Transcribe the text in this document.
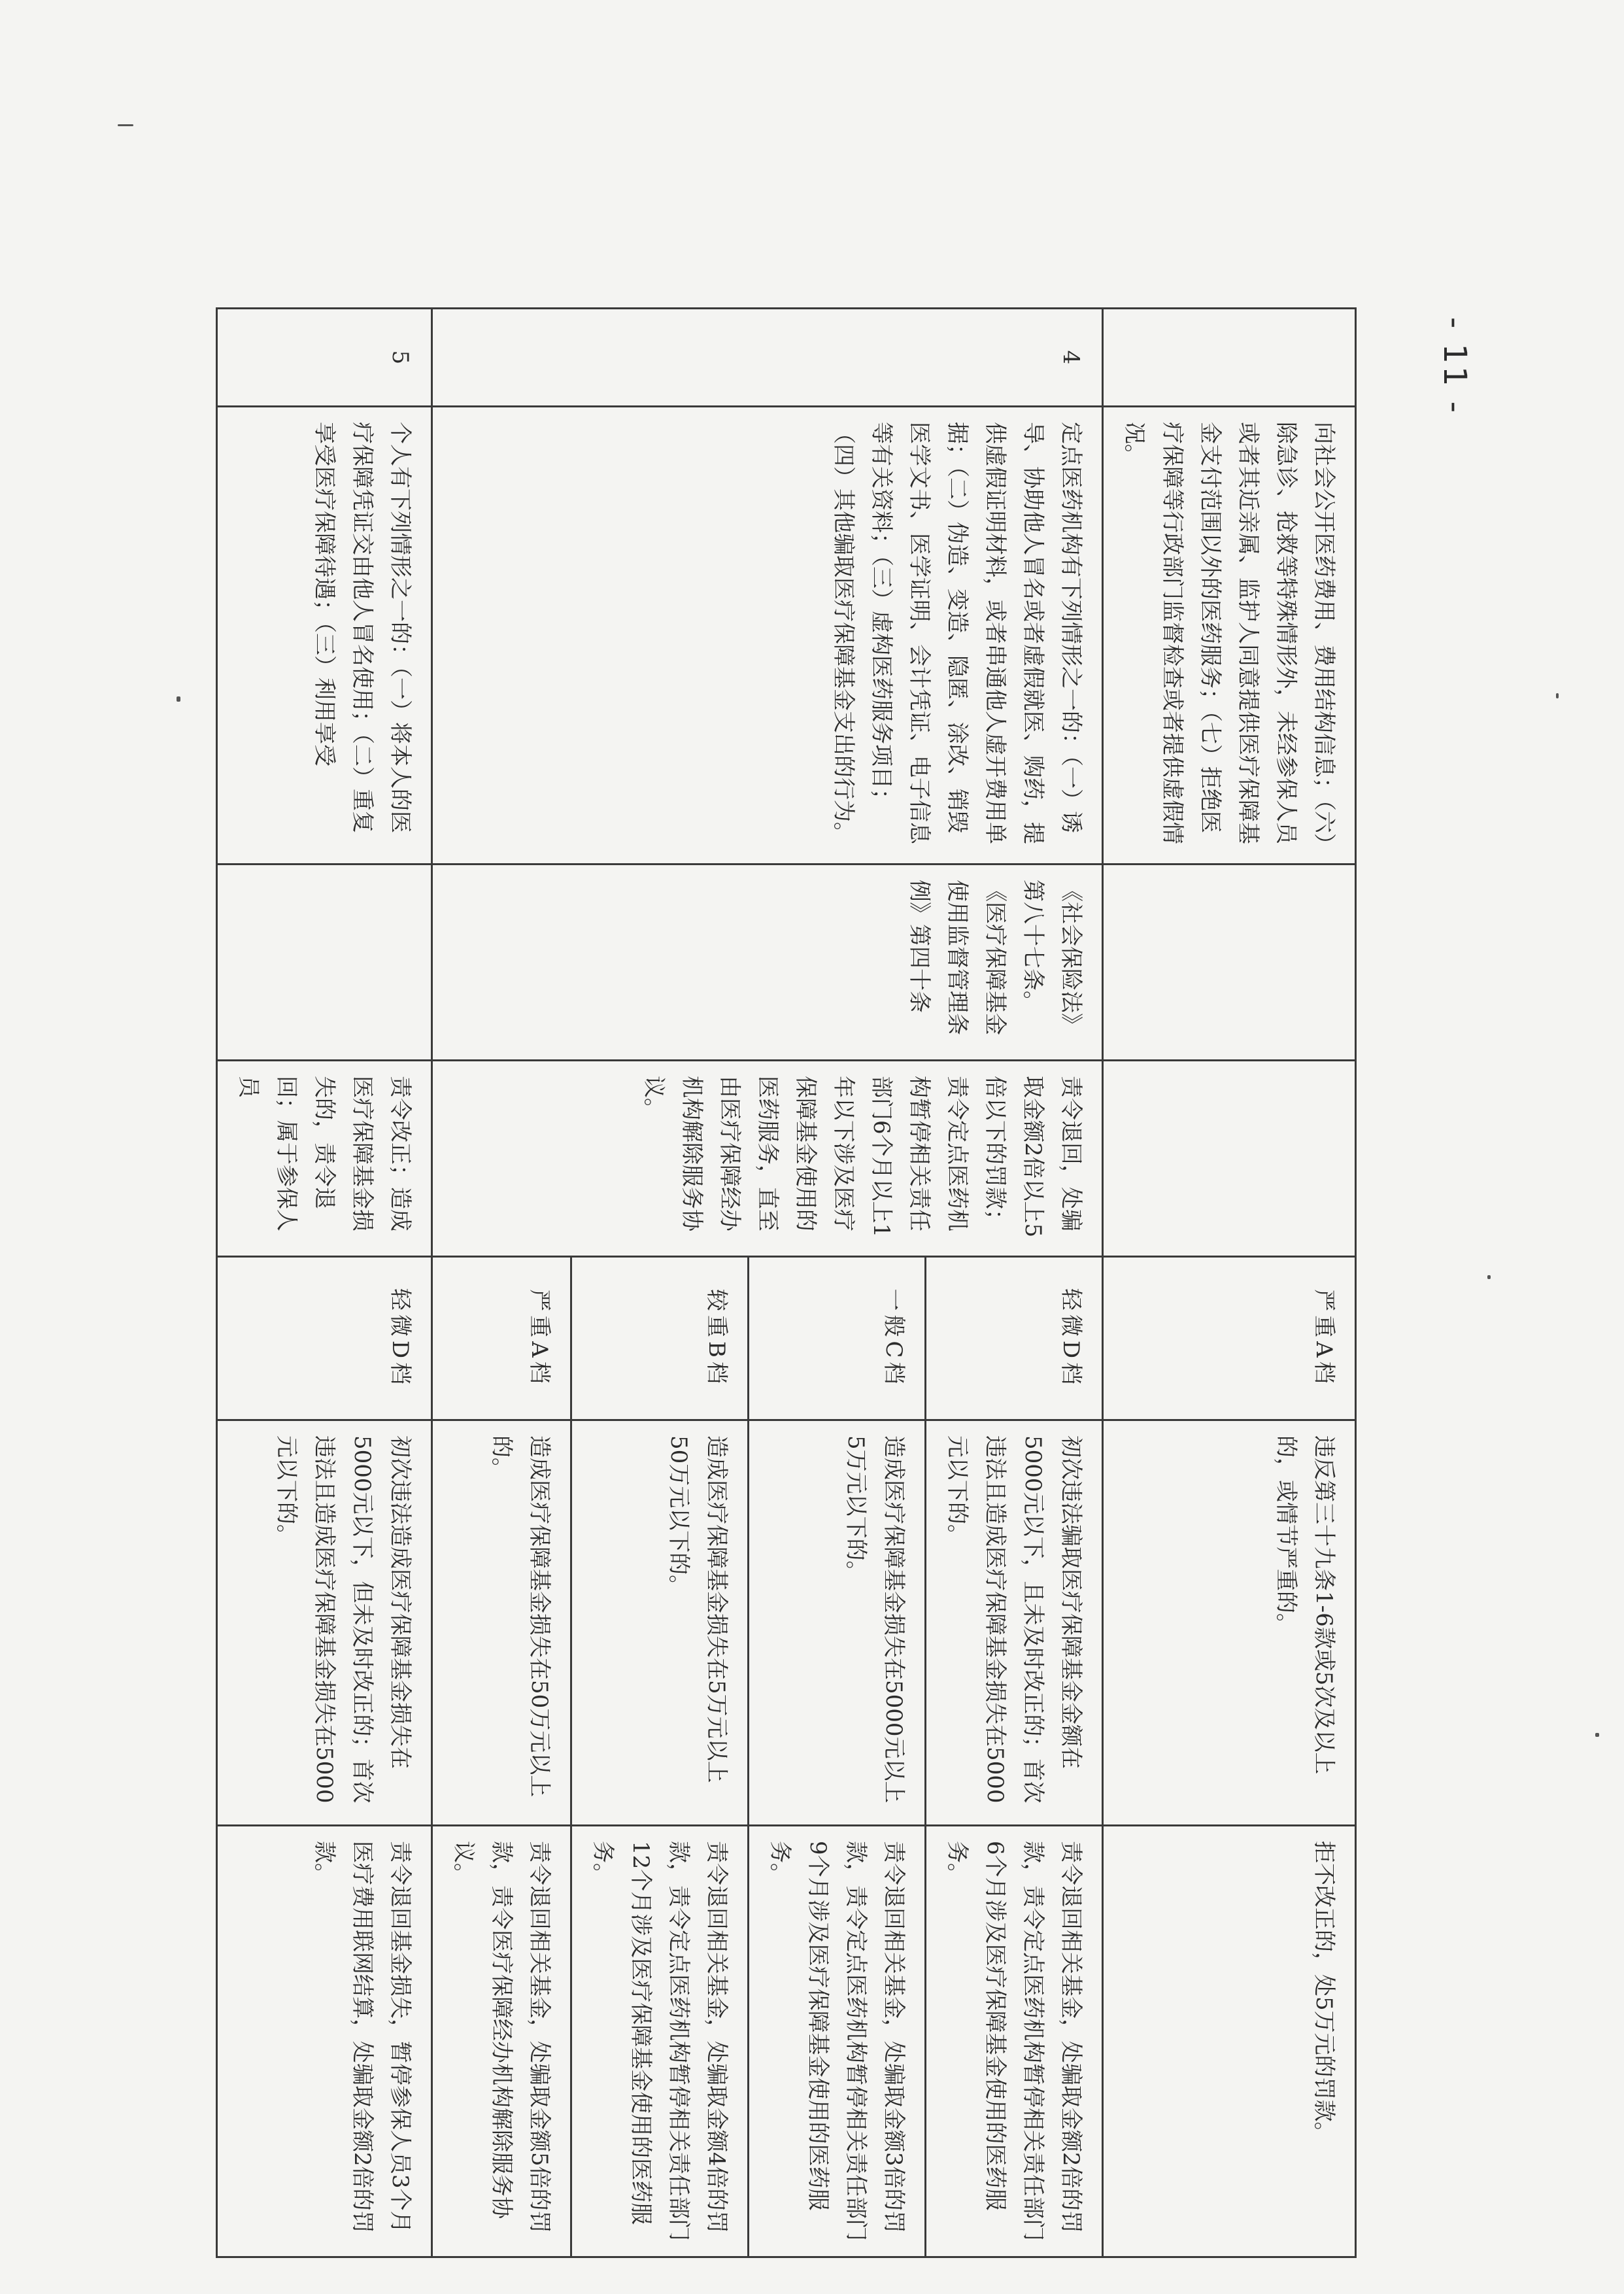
- 11 -
	向社会公开医药费用、费用结构信息；（六）除急诊、抢救等特殊情形外，未经参保人员或者其近亲属、监护人同意提供医疗保障基金支付范围以外的医药服务；（七）拒绝医疗保障等行政部门监督检查或者提供虚假情况。			严重A档	违反第三十九条1-6款或5次及以上的，或情节严重的。	拒不改正的，处5万元的罚款。
4	定点医药机构有下列情形之一的：（一）诱导、协助他人冒名或者虚假就医、购药，提供虚假证明材料，或者串通他人虚开费用单据；（二）伪造、变造、隐匿、涂改、销毁医学文书、医学证明、会计凭证、电子信息等有关资料；（三）虚构医药服务项目；（四）其他骗取医疗保障基金支出的行为。	《社会保险法》第八十七条。《医疗保障基金使用监督管理条例》第四十条	责令退回，处骗取金额2倍以上5倍以下的罚款；责令定点医药机构暂停相关责任部门6个月以上1年以下涉及医疗保障基金使用的医药服务，直至由医疗保障经办机构解除服务协议。	轻微D档	初次违法骗取医疗保障基金金额在5000元以下，且未及时改正的；首次违法且造成医疗保障基金损失在5000元以下的。	责令退回相关基金，处骗取金额2倍的罚款，责令定点医药机构暂停相关责任部门6个月涉及医疗保障基金使用的医药服务。
				一般C档	造成医疗保障基金损失在5000元以上5万元以下的。	责令退回相关基金，处骗取金额3倍的罚款，责令定点医药机构暂停相关责任部门9个月涉及医疗保障基金使用的医药服务。
				较重B档	造成医疗保障基金损失在5万元以上50万元以下的。	责令退回相关基金，处骗取金额4倍的罚款，责令定点医药机构暂停相关责任部门12个月涉及医疗保障基金使用的医药服务。
				严重A档	造成医疗保障基金损失在50万元以上的。	责令退回相关基金，处骗取金额5倍的罚款，责令医疗保障经办机构解除服务协议。
5	个人有下列情形之一的：（一）将本人的医疗保障凭证交由他人冒名使用；（二）重复享受医疗保障待遇；（三）利用享受		责令改正；造成医疗保障基金损失的，责令退回；属于参保人员	轻微D档	初次违法造成医疗保障基金损失在5000元以下，但未及时改正的；首次违法且造成医疗保障基金损失在5000元以下的。	责令退回基金损失，暂停参保人员3个月医疗费用联网结算，处骗取金额2倍的罚款。
